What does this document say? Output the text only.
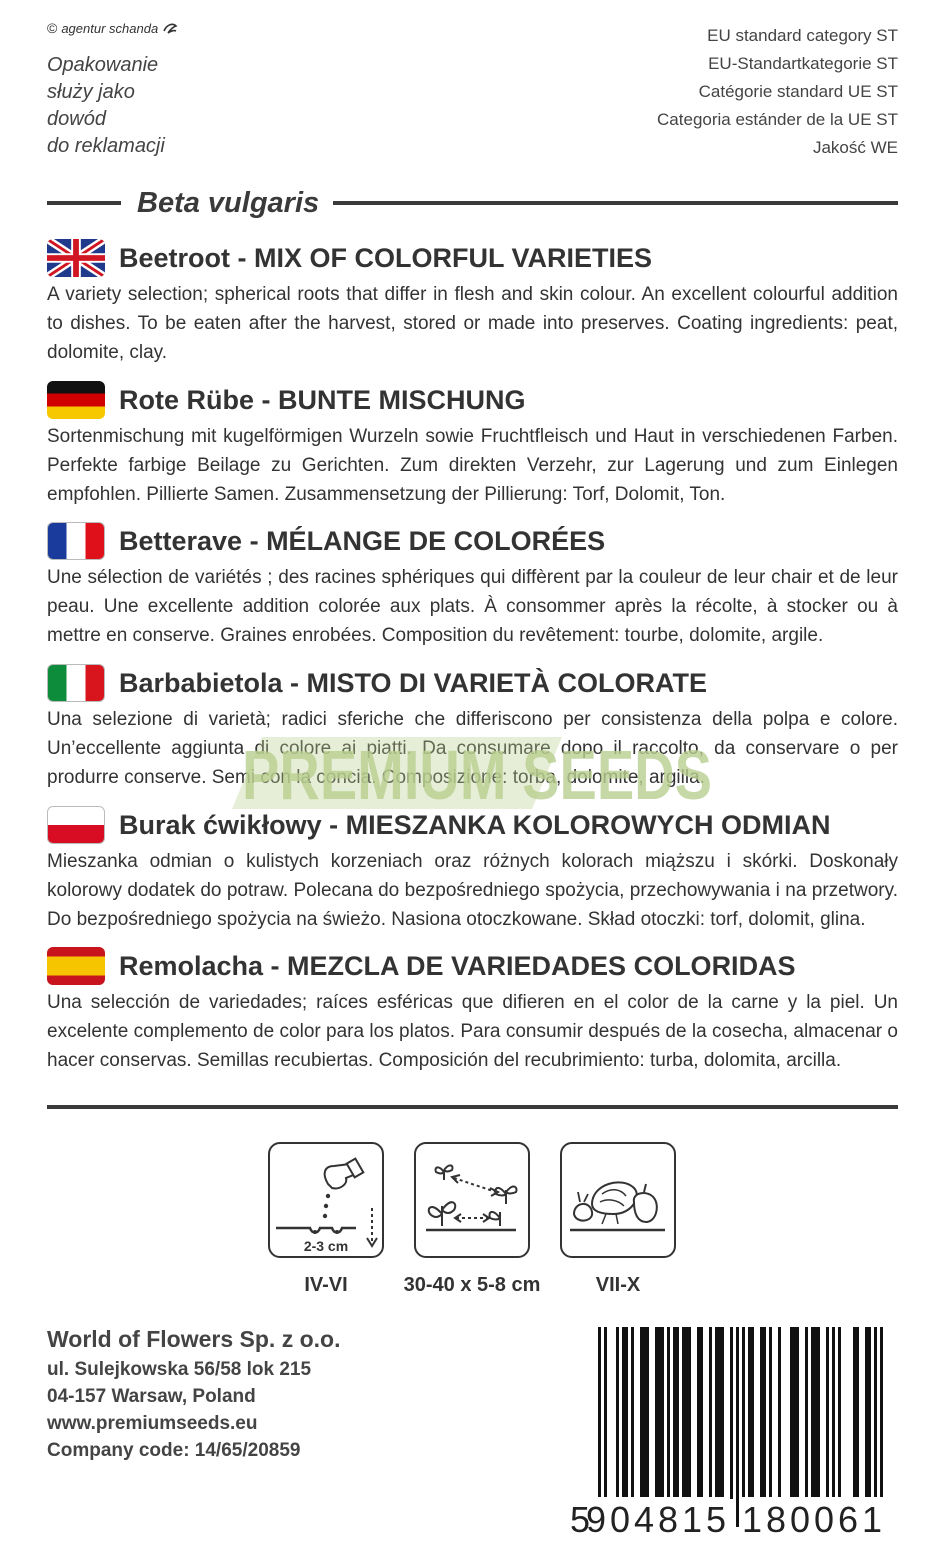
© agentur schanda
Opakowanie
służy jako
dowód
do reklamacji
EU standard category ST
EU-Standartkategorie ST
Catégorie standard UE ST
Categoria estánder de la UE ST
Jakość WE
Beta vulgaris
Beetroot - MIX OF COLORFUL VARIETIES
A variety selection; spherical roots that differ in flesh and skin colour. An excellent colourful addition to dishes. To be eaten after the harvest, stored or made into preserves. Coating ingredients: peat, dolomite, clay.
Rote Rübe - BUNTE MISCHUNG
Sortenmischung mit kugelförmigen Wurzeln sowie Fruchtfleisch und Haut in verschiedenen Farben. Perfekte farbige Beilage zu Gerichten. Zum direkten Verzehr, zur Lagerung und zum Einlegen empfohlen. Pillierte Samen. Zusammensetzung der Pillierung: Torf, Dolomit, Ton.
Betterave - MÉLANGE DE COLORÉES
Une sélection de variétés ; des racines sphériques qui diffèrent par la couleur de leur chair et de leur peau. Une excellente addition colorée aux plats. À consommer après la récolte, à stocker ou à mettre en conserve. Graines enrobées. Composition du revêtement: tourbe, dolomite, argile.
Barbabietola - MISTO DI VARIETÀ COLORATE
Una selezione di varietà; radici sferiche che differiscono per consistenza della polpa e colore. Un’eccellente aggiunta di colore ai piatti. Da consumare dopo il raccolto, da conservare o per produrre conserve. Semi con la concia. Composizione: torba, dolomite, argilla.
Burak ćwikłowy - MIESZANKA KOLOROWYCH ODMIAN
Mieszanka odmian o kulistych korzeniach oraz różnych kolorach miąższu i skórki. Doskonały kolorowy dodatek do potraw. Polecana do bezpośredniego spożycia, przechowywania i na przetwory. Do bezpośredniego spożycia na świeżo. Nasiona otoczkowane. Skład otoczki: torf, dolomit, glina.
Remolacha - MEZCLA DE VARIEDADES COLORIDAS
Una selección de variedades; raíces esféricas que difieren en el color de la carne y la piel. Un excelente complemento de color para los platos. Para consumir después de la cosecha, almacenar o hacer conservas. Semillas recubiertas. Composición del recubrimiento: turba, dolomita, arcilla.
PREMIUM SEEDS
2-3 cm
IV-VI	30-40 x 5-8 cm	VII-X
World of Flowers Sp. z o.o.
ul. Sulejkowska 56/58 lok 215
04-157 Warsaw, Poland
www.premiumseeds.eu
Company code: 14/65/20859
5
904815 180061
